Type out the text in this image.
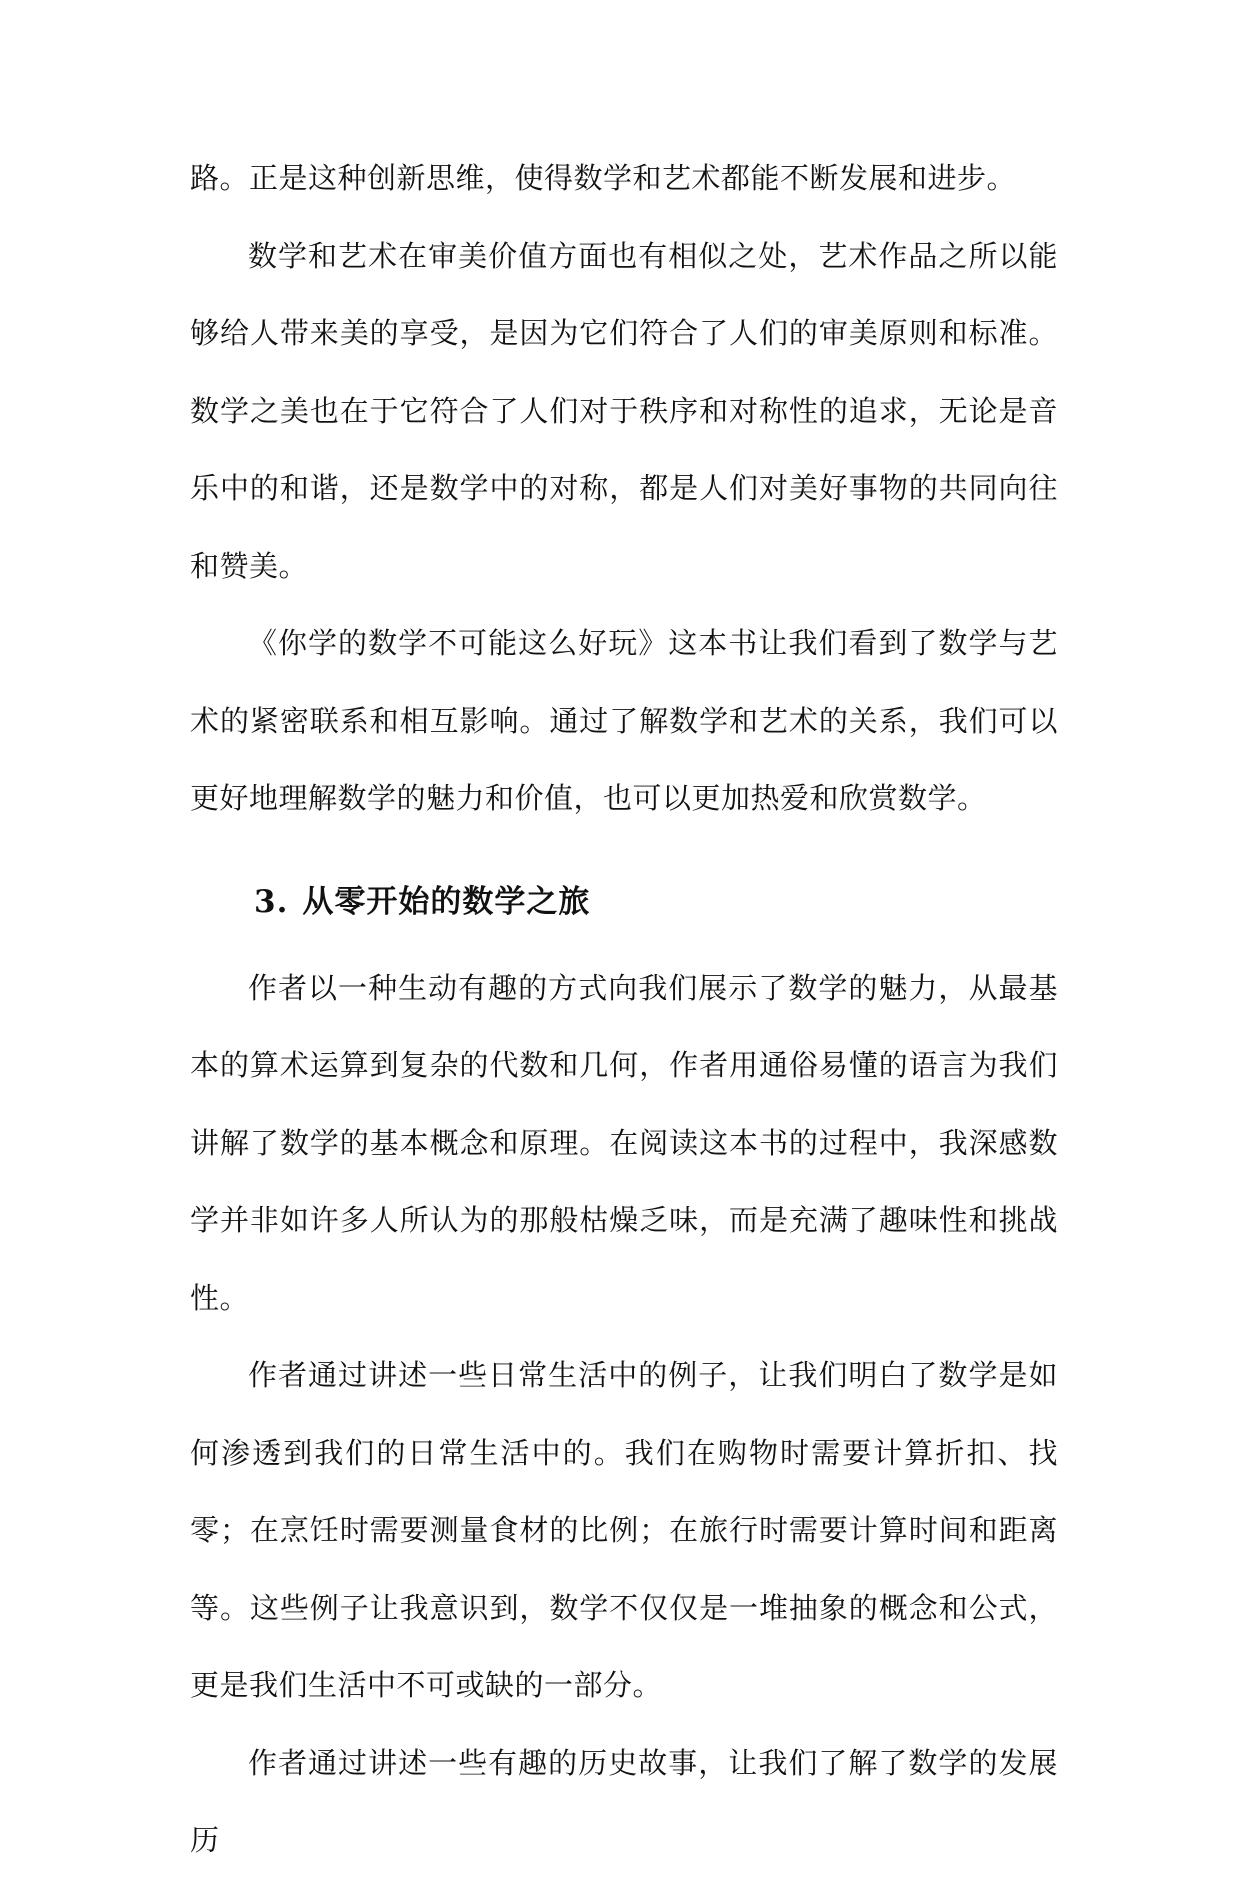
路。正是这种创新思维，使得数学和艺术都能不断发展和进步。

数学和艺术在审美价值方面也有相似之处，艺术作品之所以能够给人带来美的享受，是因为它们符合了人们的审美原则和标准。数学之美也在于它符合了人们对于秩序和对称性的追求，无论是音乐中的和谐，还是数学中的对称，都是人们对美好事物的共同向往和赞美。

《你学的数学不可能这么好玩》这本书让我们看到了数学与艺术的紧密联系和相互影响。通过了解数学和艺术的关系，我们可以更好地理解数学的魅力和价值，也可以更加热爱和欣赏数学。

3. 从零开始的数学之旅

作者以一种生动有趣的方式向我们展示了数学的魅力，从最基本的算术运算到复杂的代数和几何，作者用通俗易懂的语言为我们讲解了数学的基本概念和原理。在阅读这本书的过程中，我深感数学并非如许多人所认为的那般枯燥乏味，而是充满了趣味性和挑战性。

作者通过讲述一些日常生活中的例子，让我们明白了数学是如何渗透到我们的日常生活中的。我们在购物时需要计算折扣、找零；在烹饪时需要测量食材的比例；在旅行时需要计算时间和距离等。这些例子让我意识到，数学不仅仅是一堆抽象的概念和公式，更是我们生活中不可或缺的一部分。

作者通过讲述一些有趣的历史故事，让我们了解了数学的发展历
